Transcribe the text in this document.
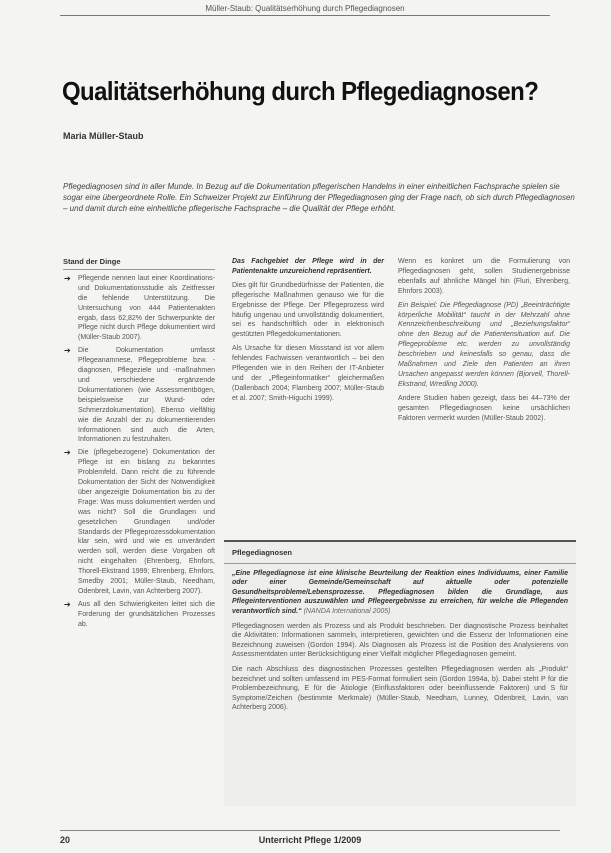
Müller-Staub: Qualitätserhöhung durch Pflegediagnosen
Qualitätserhöhung durch Pflegediagnosen?
Maria Müller-Staub
Pflegediagnosen sind in aller Munde. In Bezug auf die Dokumentation pflegerischen Handelns in einer einheitlichen Fachsprache spielen sie sogar eine übergeordnete Rolle. Ein Schweizer Projekt zur Einführung der Pflegediagnosen ging der Frage nach, ob sich durch Pflegediagnosen – und damit durch eine einheitliche pflegerische Fachsprache – die Qualität der Pflege erhöht.
Stand der Dinge
➔ Pflegende nennen laut einer Koordinations- und Dokumentationsstudie als Zeitfresser die fehlende Unterstützung. Die Untersuchung von 444 Patientenakten ergab, dass 62,82% der Schwerpunkte der Pflege nicht durch Pflege dokumentiert wird (Müller-Staub 2007).
➔ Die Dokumentation umfasst Pflegeanamnese, Pflegeprobleme bzw. -diagnosen, Pflegeziele und -maßnahmen und verschiedene ergänzende Dokumentationen (wie Assessmentbögen, beispielsweise zur Wund- oder Schmerzdokumentation). Ebenso vielfältig wie die Anzahl der zu dokumentierenden Informationen sind auch die Arten, Informationen zu festzuhalten.
➔ Die (pflegebezogene) Dokumentation der Pflege ist ein bislang zu bekanntes Problemfeld. Dann reicht die zu führende Dokumentation der Sicht der Notwendigkeit über angezeigte Dokumentation bis zu der Frage: Was muss dokumentiert werden und was nicht? Soll die Grundlagen und gesetzlichen Grundlagen und/oder Standards der Pflegeprozessdokumentation klar sein, wird und wie es unverändert werden soll, werden diese Vorgaben oft nicht eingehalten (Ehrenberg, Ehnfors, Thorell-Ekstrand 1999; Ehrenberg, Ehnfors, Smedby 2001; Müller-Staub, Needham, Odenbreit, Lavin, van Achterberg 2007).
➔ Aus all den Schwierigkeiten leitet sich die Forderung der grundsätzlichen Prozesses ab.

Das Fachgebiet der Pflege wird in der Patientenakte unzureichend repräsentiert.

Dies gilt für Grundbedürfnisse der Patienten, die pflegerische Maßnahmen genauso wie für die Ergebnisse der Pflege. Der Pflegeprozess wird häufig ungenau und unvollständig dokumentiert, sei es handschriftlich oder in elektronisch gestützten Pflegedokumentationen.

Als Ursache für diesen Missstand ist vor allem fehlendes Fachwissen verantwortlich – bei den Pflegenden wie in den Reihen der IT-Anbieter und der „Pflegeinformatiker“ gleichermaßen (Dallenbach 2004; Flamberg 2007; Müller-Staub et al. 2007; Smith-Higuchi 1999).

Wenn es konkret um die Formulierung von Pflegediagnosen geht, sollen Studienergebnisse ebenfalls auf ähnliche Mängel hin (Fluri, Ehrenberg, Ehnfors 2003).

Ein Beispiel: Die Pflegediagnose (PD) „Beeinträchtigte körperliche Mobilität“ taucht in der Mehrzahl ohne Kennzeichenbeschreibung und „Beziehungsfaktor“ ohne den Bezug auf die Patientensituation auf. Die Pflegeprobleme etc. werden zu unvollständig beschrieben und keinesfalls so genau, dass die Maßnahmen und Ziele den Patienten an ihren Ursachen angepasst werden können (Bjorvell, Thorell-Ekstrand, Wredling 2000).

Andere Studien haben gezeigt, dass bei 44–73% der gesamten Pflegediagnosen keine ursächlichen Faktoren vermerkt wurden (Müller-Staub 2002).

Pflegediagnosen

„Eine Pflegediagnose ist eine klinische Beurteilung der Reaktion eines Individuums, einer Familie oder einer Gemeinde/Gemeinschaft auf aktuelle oder potenzielle Gesundheitsprobleme/Lebensprozesse. Pflegediagnosen bilden die Grundlage, aus Pflegeinterventionen auszuwählen und Pflegeergebnisse zu erreichen, für welche die Pflegenden verantwortlich sind.“ (NANDA International 2005)

Pflegediagnosen werden als Prozess und als Produkt beschrieben. Der diagnostische Prozess beinhaltet die Aktivitäten: Informationen sammeln, interpretieren, gewichten und die Essenz der Informationen eine Bezeichnung zuweisen (Gordon 1994). Als Diagnosen als Prozess ist die Position des Analysierens von Assessmentdaten unter Berücksichtigung einer Vielfalt möglicher Pflegediagnosen gemeint.

Die nach Abschluss des diagnostischen Prozesses gestellten Pflegediagnosen werden als „Produkt“ bezeichnet und sollten umfassend im PES-Format formuliert sein (Gordon 1994a, b). Dabei steht P für die Problembezeichnung, E für die Ätiologie (Einflussfaktoren oder beeinflussende Faktoren) und S für Symptome/Zeichen (bestimmte Merkmale) (Müller-Staub, Needham, Lunney, Odenbreit, Lavin, van Achterberg 2006).

20	Unterricht Pflege 1/2009
